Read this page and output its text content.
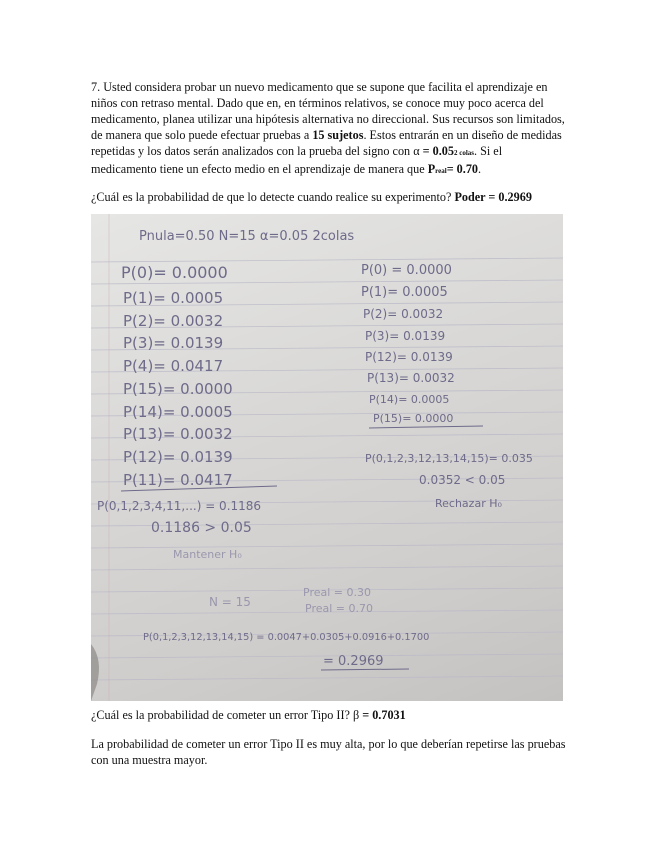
7. Usted considera probar un nuevo medicamento que se supone que facilita el aprendizaje en niños con retraso mental. Dado que en, en términos relativos, se conoce muy poco acerca del medicamento, planea utilizar una hipótesis alternativa no direccional. Sus recursos son limitados, de manera que solo puede efectuar pruebas a 15 sujetos. Estos entrarán en un diseño de medidas repetidas y los datos serán analizados con la prueba del signo con α = 0.052 colas. Si el medicamento tiene un efecto medio en el aprendizaje de manera que Preal= 0.70.
¿Cuál es la probabilidad de que lo detecte cuando realice su experimento? Poder = 0.2969
Pnula=0.50 N=15 α=0.05 2colas
P(0)= 0.0000
P(1)= 0.0005
P(2)= 0.0032
P(3)= 0.0139
P(4)= 0.0417
P(15)= 0.0000
P(14)= 0.0005
P(13)= 0.0032
P(12)= 0.0139
P(11)= 0.0417
P(0,1,2,3,4,11,...) = 0.1186
0.1186 > 0.05
Mantener H₀
P(0) = 0.0000
P(1)= 0.0005
P(2)= 0.0032
P(3)= 0.0139
P(12)= 0.0139
P(13)= 0.0032
P(14)= 0.0005
P(15)= 0.0000
P(0,1,2,3,12,13,14,15)= 0.035
0.0352 < 0.05
Rechazar H₀
N = 15
Preal = 0.30
Preal = 0.70
P(0,1,2,3,12,13,14,15) = 0.0047+0.0305+0.0916+0.1700
= 0.2969
¿Cuál es la probabilidad de cometer un error Tipo II? β = 0.7031
La probabilidad de cometer un error Tipo II es muy alta, por lo que deberían repetirse las pruebas con una muestra mayor.
